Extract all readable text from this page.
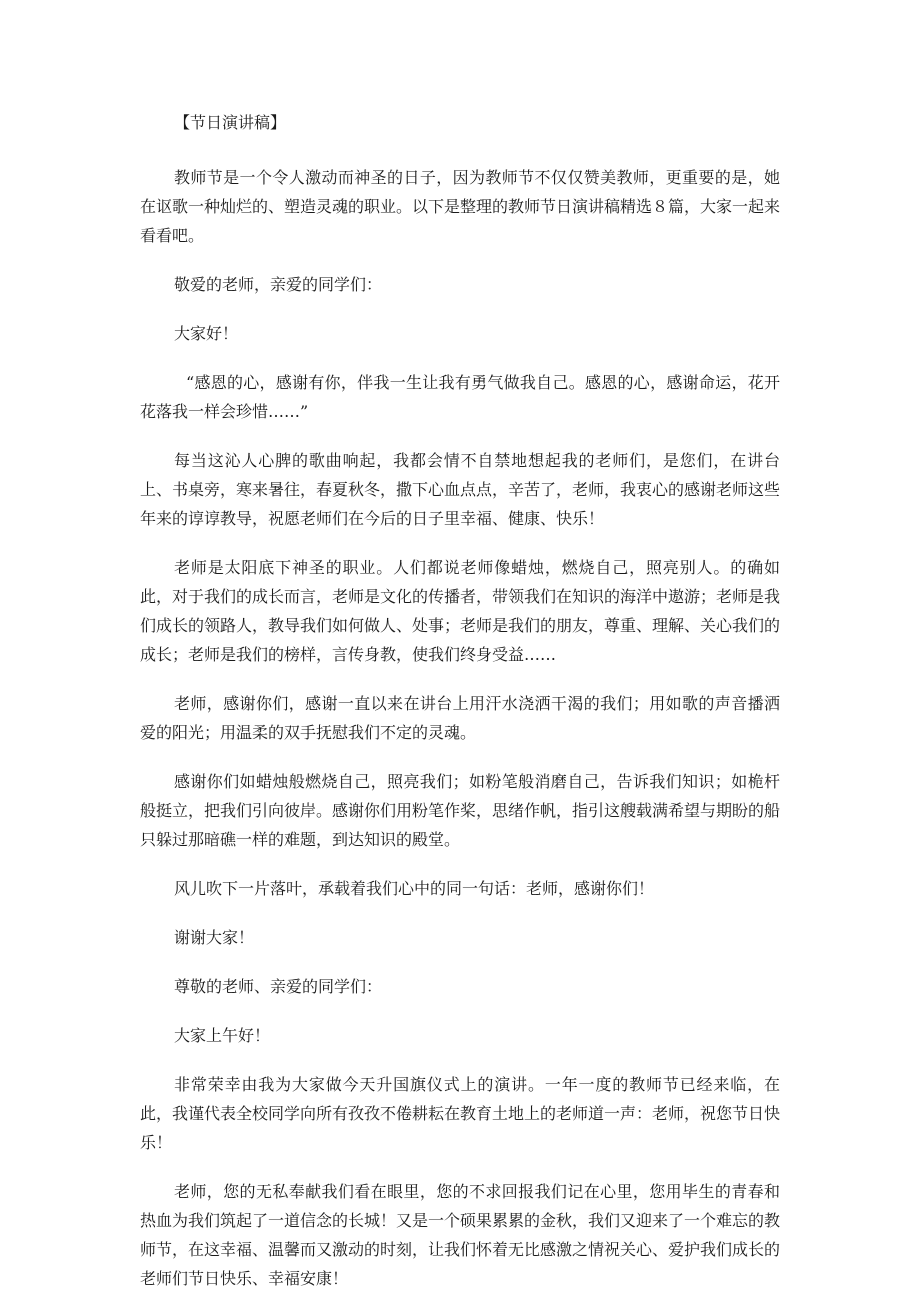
【节日演讲稿】

教师节是一个令人激动而神圣的日子，因为教师节不仅仅赞美教师，更重要的是，她在讴歌一种灿烂的、塑造灵魂的职业。以下是整理的教师节日演讲稿精选８篇，大家一起来看看吧。

敬爱的老师，亲爱的同学们：

大家好！

“感恩的心，感谢有你，伴我一生让我有勇气做我自己。感恩的心，感谢命运，花开花落我一样会珍惜……”

每当这沁人心脾的歌曲响起，我都会情不自禁地想起我的老师们，是您们，在讲台上、书桌旁，寒来暑往，春夏秋冬，撒下心血点点，辛苦了，老师，我衷心的感谢老师这些年来的谆谆教导，祝愿老师们在今后的日子里幸福、健康、快乐！

老师是太阳底下神圣的职业。人们都说老师像蜡烛，燃烧自己，照亮别人。的确如此，对于我们的成长而言，老师是文化的传播者，带领我们在知识的海洋中遨游；老师是我们成长的领路人，教导我们如何做人、处事；老师是我们的朋友，尊重、理解、关心我们的成长；老师是我们的榜样，言传身教，使我们终身受益……

老师，感谢你们，感谢一直以来在讲台上用汗水浇洒干渴的我们；用如歌的声音播洒爱的阳光；用温柔的双手抚慰我们不定的灵魂。

感谢你们如蜡烛般燃烧自己，照亮我们；如粉笔般消磨自己，告诉我们知识；如桅杆般挺立，把我们引向彼岸。感谢你们用粉笔作桨，思绪作帆，指引这艘载满希望与期盼的船只躲过那暗礁一样的难题，到达知识的殿堂。

风儿吹下一片落叶，承载着我们心中的同一句话：老师，感谢你们！

谢谢大家！

尊敬的老师、亲爱的同学们：

大家上午好！

非常荣幸由我为大家做今天升国旗仪式上的演讲。一年一度的教师节已经来临，在此，我谨代表全校同学向所有孜孜不倦耕耘在教育土地上的老师道一声：老师，祝您节日快乐！

老师，您的无私奉献我们看在眼里，您的不求回报我们记在心里，您用毕生的青春和热血为我们筑起了一道信念的长城！又是一个硕果累累的金秋，我们又迎来了一个难忘的教师节，在这幸福、温馨而又激动的时刻，让我们怀着无比感激之情祝关心、爱护我们成长的老师们节日快乐、幸福安康！
